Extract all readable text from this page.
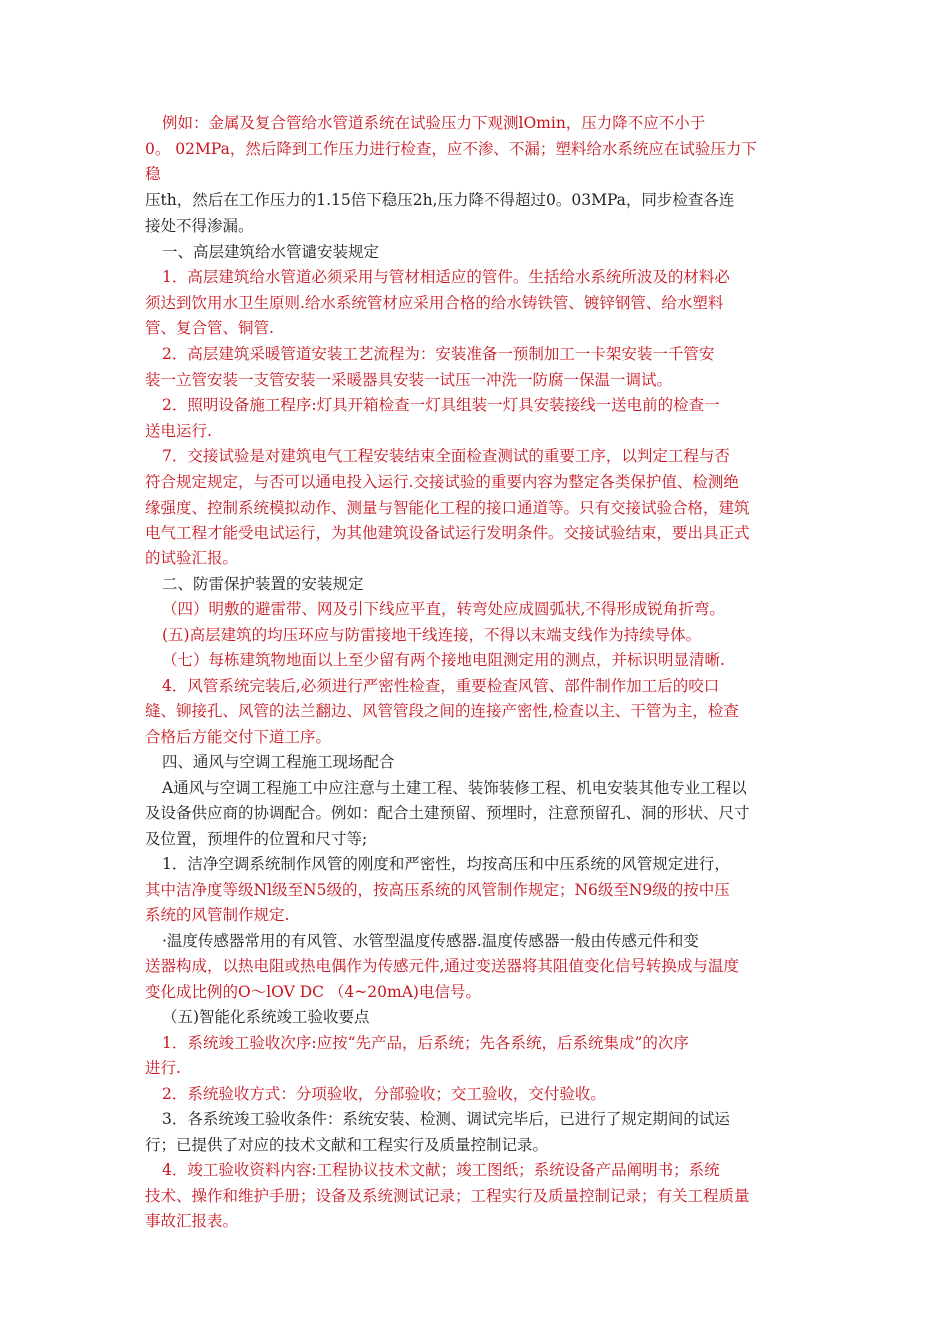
例如：金属及复合管给水管道系统在试验压力下观测lOmin，压力降不应不小于
0。 02MPa，然后降到工作压力进行检查，应不渗、不漏；塑料给水系统应在试验压力下
稳
压th，然后在工作压力的1.15倍下稳压2h,压力降不得超过0。03MPa，同步检查各连
接处不得渗漏。
一、高层建筑给水管谴安装规定
1．高层建筑给水管道必须采用与管材相适应的管件。生括给水系统所波及的材料必
须达到饮用水卫生原则.给水系统管材应采用合格的给水铸铁管、镀锌钢管、给水塑料
管、复合管、铜管.
2．高层建筑采暖管道安装工艺流程为：安装准备一预制加工一卡架安装一千管安
装一立管安装一支管安装一采暖器具安装一试压一冲洗一防腐一保温一调试。
2．照明设备施工程序:灯具开箱检查一灯具组装一灯具安装接线一送电前的检查一
送电运行.
7．交接试验是对建筑电气工程安装结束全面检查测试的重要工序，以判定工程与否
符合规定规定，与否可以通电投入运行.交接试验的重要内容为整定各类保护值、检测绝
缘强度、控制系统模拟动作、测量与智能化工程的接口通道等。只有交接试验合格，建筑
电气工程才能受电试运行，为其他建筑设备试运行发明条件。交接试验结束，要出具正式
的试验汇报。
二、防雷保护装置的安装规定
（四）明敷的避雷带、网及引下线应平直，转弯处应成圆弧状,不得形成锐角折弯。
(五)高层建筑的均压环应与防雷接地干线连接，不得以末端支线作为持续导体。
（七）每栋建筑物地面以上至少留有两个接地电阻测定用的测点，并标识明显清晰.
4．风管系统完装后,必须进行严密性检查，重要检查风管、部件制作加工后的咬口
缝、铆接孔、风管的法兰翻边、风管管段之间的连接产密性,检查以主、干管为主，检查
合格后方能交付下道工序。
四、通风与空调工程施工现场配合
A通风与空调工程施工中应注意与土建工程、装饰装修工程、机电安装其他专业工程以
及设备供应商的协调配合。例如：配合土建预留、预埋时，注意预留孔、洞的形状、尺寸
及位置，预埋件的位置和尺寸等;
1．洁净空调系统制作风管的刚度和严密性，均按高压和中压系统的风管规定进行，
其中洁净度等级Nl级至N5级的，按高压系统的风管制作规定；N6级至N9级的按中压
系统的风管制作规定.
·温度传感器常用的有风管、水管型温度传感器.温度传感器一般由传感元件和变
送器构成，以热电阻或热电偶作为传感元件,通过变送器将其阻值变化信号转换成与温度
变化成比例的O～lOV DC （4~20mA)电信号。
（五)智能化系统竣工验收要点
1．系统竣工验收次序:应按“先产品，后系统；先各系统，后系统集成”的次序
进行.
2．系统验收方式：分项验收，分部验收；交工验收，交付验收。
3．各系统竣工验收条件：系统安装、检测、调试完毕后，已进行了规定期间的试运
行；已提供了对应的技术文献和工程实行及质量控制记录。
4．竣工验收资料内容:工程协议技术文献；竣工图纸；系统设备产品阐明书；系统
技术、操作和维护手册；设备及系统测试记录；工程实行及质量控制记录；有关工程质量
事故汇报表。
